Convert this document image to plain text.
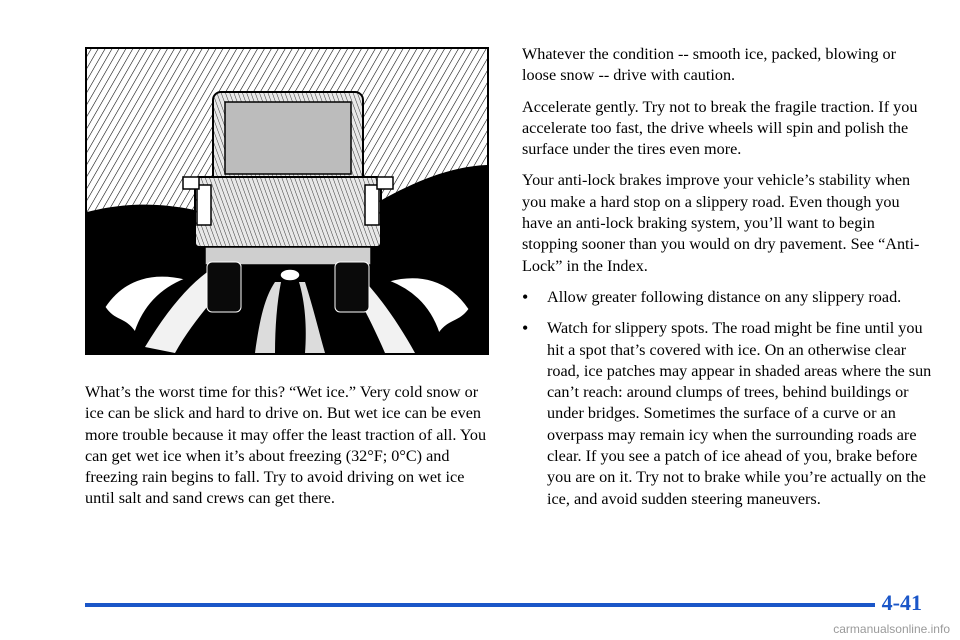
What’s the worst time for this? “Wet ice.” Very cold snow or ice can be slick and hard to drive on. But wet ice can be even more trouble because it may offer the least traction of all. You can get wet ice when it’s about freezing (32°F; 0°C) and freezing rain begins to fall. Try to avoid driving on wet ice until salt and sand crews can get there.

Whatever the condition -- smooth ice, packed, blowing or loose snow -- drive with caution.

Accelerate gently. Try not to break the fragile traction. If you accelerate too fast, the drive wheels will spin and polish the surface under the tires even more.

Your anti-lock brakes improve your vehicle’s stability when you make a hard stop on a slippery road. Even though you have an anti-lock braking system, you’ll want to begin stopping sooner than you would on dry pavement. See “Anti-Lock” in the Index.

• Allow greater following distance on any slippery road.
• Watch for slippery spots. The road might be fine until you hit a spot that’s covered with ice. On an otherwise clear road, ice patches may appear in shaded areas where the sun can’t reach: around clumps of trees, behind buildings or under bridges. Sometimes the surface of a curve or an overpass may remain icy when the surrounding roads are clear. If you see a patch of ice ahead of you, brake before you are on it. Try not to brake while you’re actually on the ice, and avoid sudden steering maneuvers.
4-41
carmanualsonline.info
